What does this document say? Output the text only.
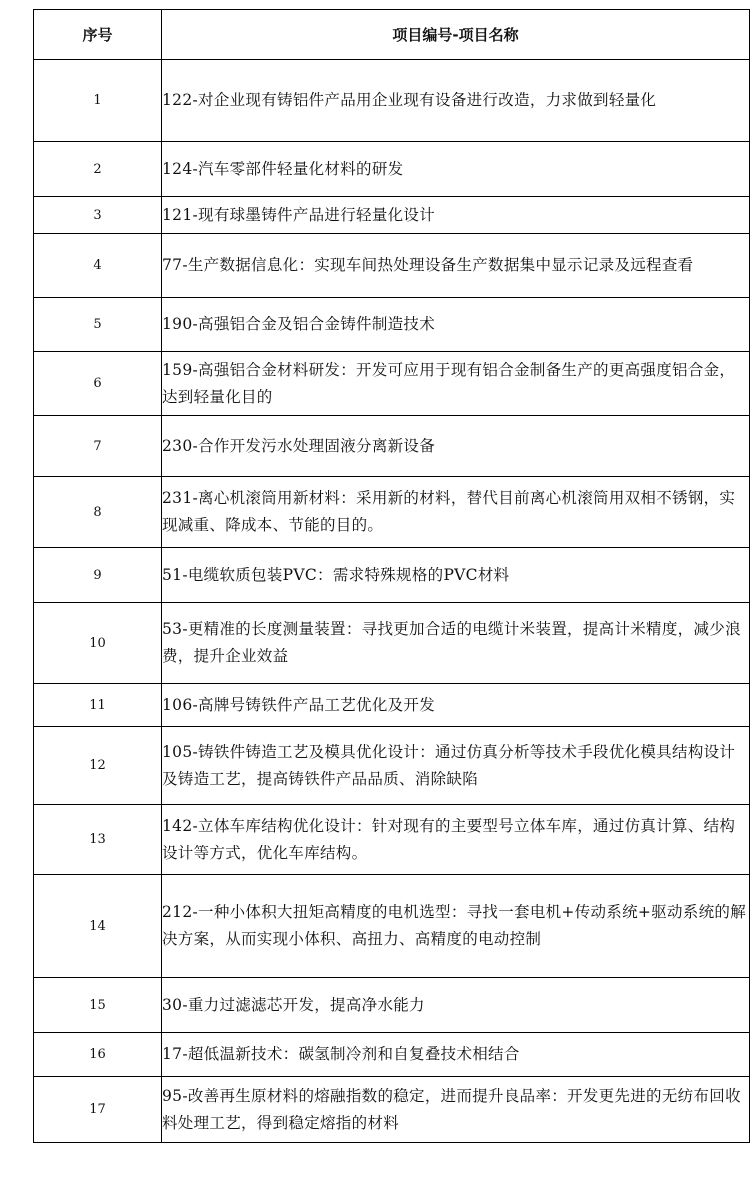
序号	项目编号-项目名称
1	122-对企业现有铸铝件产品用企业现有设备进行改造，力求做到轻量化
2	124-汽车零部件轻量化材料的研发
3	121-现有球墨铸件产品进行轻量化设计
4	77-生产数据信息化：实现车间热处理设备生产数据集中显示记录及远程查看
5	190-高强铝合金及铝合金铸件制造技术
6	159-高强铝合金材料研发：开发可应用于现有铝合金制备生产的更高强度铝合金，达到轻量化目的
7	230-合作开发污水处理固液分离新设备
8	231-离心机滚筒用新材料：采用新的材料，替代目前离心机滚筒用双相不锈钢，实现减重、降成本、节能的目的。
9	51-电缆软质包装PVC：需求特殊规格的PVC材料
10	53-更精准的长度测量装置：寻找更加合适的电缆计米装置，提高计米精度，减少浪费，提升企业效益
11	106-高牌号铸铁件产品工艺优化及开发
12	105-铸铁件铸造工艺及模具优化设计：通过仿真分析等技术手段优化模具结构设计及铸造工艺，提高铸铁件产品品质、消除缺陷
13	142-立体车库结构优化设计：针对现有的主要型号立体车库，通过仿真计算、结构设计等方式，优化车库结构。
14	212-一种小体积大扭矩高精度的电机选型：寻找一套电机+传动系统+驱动系统的解决方案，从而实现小体积、高扭力、高精度的电动控制
15	30-重力过滤滤芯开发，提高净水能力
16	17-超低温新技术：碳氢制冷剂和自复叠技术相结合
17	95-改善再生原材料的熔融指数的稳定，进而提升良品率：开发更先进的无纺布回收料处理工艺，得到稳定熔指的材料
